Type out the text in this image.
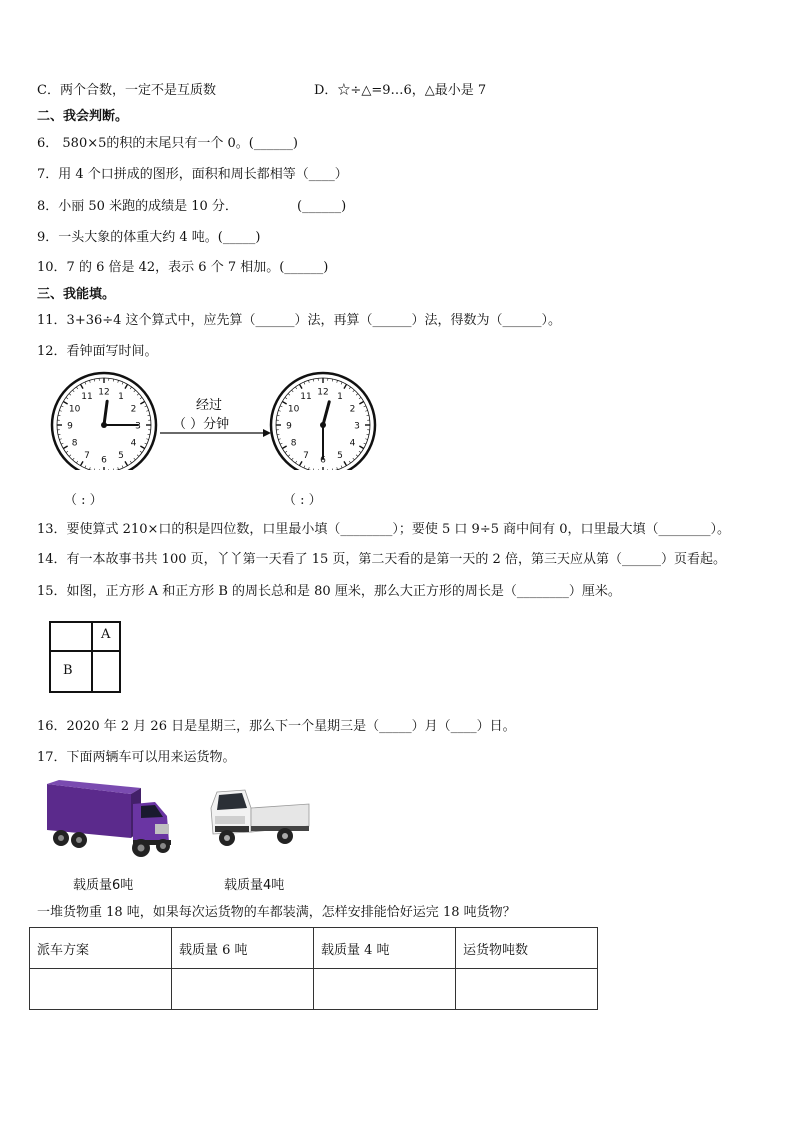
C．两个合数，一定不是互质数	D．☆÷△=9…6，△最小是 7
二、我会判断。
6． 580×5的积的末尾只有一个 0。(______)
7．用 4 个口拼成的图形，面积和周长都相等（____）
8．小丽 50 米跑的成绩是 10 分．	(______)
9．一头大象的体重大约 4 吨。(_____)
10．7 的 6 倍是 42，表示 6 个 7 相加。(______)
三、我能填。
11．3+36÷4 这个算式中，应先算（______）法，再算（______）法，得数为（______）。
12．看钟面写时间。
12 1
2
3
4
5
6
7
8
9
10
11	12 1
2
3
4
5
6
7
8
9
10
11
经过
（ ）分钟
（ : ）	（ : ）
13．要使算式 210×口的积是四位数，口里最小填（________）；要使 5 口 9÷5 商中间有 0，口里最大填（________）。
14．有一本故事书共 100 页，丫丫第一天看了 15 页，第二天看的是第一天的 2 倍，第三天应从第（______）页看起。
15．如图，正方形 A 和正方形 B 的周长总和是 80 厘米，那么大正方形的周长是（________）厘米。
A
B
16．2020 年 2 月 26 日是星期三，那么下一个星期三是（_____）月（____）日。
17．下面两辆车可以用来运货物。
载质量6吨	载质量4吨
一堆货物重 18 吨，如果每次运货物的车都装满，怎样安排能恰好运完 18 吨货物？
派车方案	载质量 6 吨	载质量 4 吨	运货物吨数
